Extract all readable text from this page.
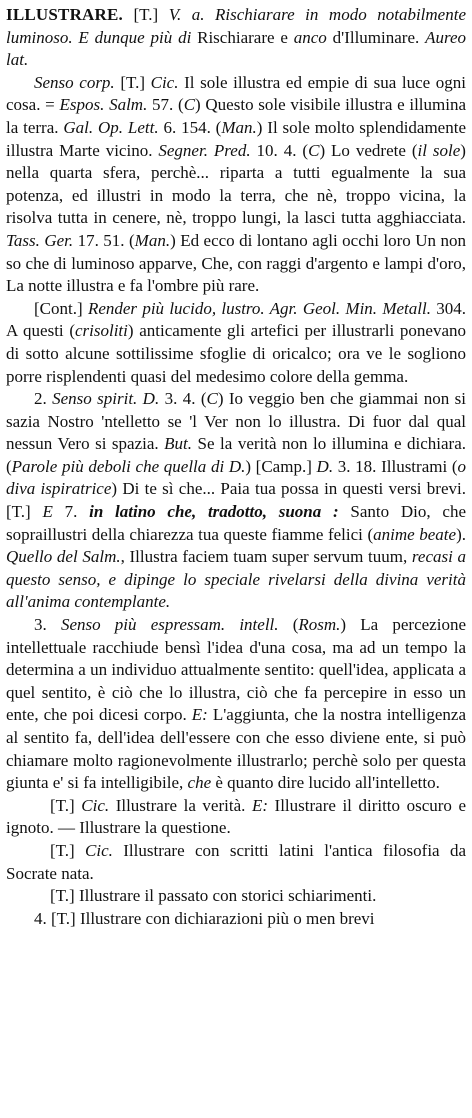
ILLUSTRARE. [T.] V. a. Rischiarare in modo notabilmente luminoso. E dunque più di Rischiarare e anco d'Illuminare. Aureo lat.

Senso corp. [T.] Cic. Il sole illustra ed empie di sua luce ogni cosa. = Espos. Salm. 57. (C) Questo sole visibile illustra e illumina la terra. Gal. Op. Lett. 6. 154. (Man.) Il sole molto splendidamente illustra Marte vicino. Segner. Pred. 10. 4. (C) Lo vedrete (il sole) nella quarta sfera, perchè... riparta a tutti egualmente la sua potenza, ed illustri in modo la terra, che nè, troppo vicina, la risolva tutta in cenere, nè, troppo lungi, la lasci tutta agghiacciata. Tass. Ger. 17. 51. (Man.) Ed ecco di lontano agli occhi loro Un non so che di luminoso apparve, Che, con raggi d'argento e lampi d'oro, La notte illustra e fa l'ombre più rare.

[Cont.] Render più lucido, lustro. Agr. Geol. Min. Metall. 304. A questi (crisoliti) anticamente gli artefici per illustrarli ponevano di sotto alcune sottilissime sfoglie di oricalco; ora ve le sogliono porre risplendenti quasi del medesimo colore della gemma.

2. Senso spirit. D. 3. 4. (C) Io veggio ben che giammai non si sazia Nostro 'ntelletto se 'l Ver non lo illustra. Di fuor dal qual nessun Vero si spazia. But. Se la verità non lo illumina e dichiara. (Parole più deboli che quella di D.) [Camp.] D. 3. 18. Illustrami (o diva ispiratrice) Di te sì che... Paia tua possa in questi versi brevi. [T.] E 7. in latino che, tradotto, suona : Santo Dio, che sopraillustri della chiarezza tua queste fiamme felici (anime beate). Quello del Salm., Illustra faciem tuam super servum tuum, recasi a questo senso, e dipinge lo speciale rivelarsi della divina verità all'anima contemplante.

3. Senso più espressam. intell. (Rosm.) La percezione intellettuale racchiude bensì l'idea d'una cosa, ma ad un tempo la determina a un individuo attualmente sentito: quell'idea, applicata a quel sentito, è ciò che lo illustra, ciò che fa percepire in esso un ente, che poi dicesi corpo. E: L'aggiunta, che la nostra intelligenza al sentito fa, dell'idea dell'essere con che esso diviene ente, si può chiamare molto ragionevolmente illustrarlo; perchè solo per questa giunta e' si fa intelligibile, che è quanto dire lucido all'intelletto.

[T.] Cic. Illustrare la verità. E: Illustrare il diritto oscuro e ignoto. — Illustrare la questione.

[T.] Cic. Illustrare con scritti latini l'antica filosofia da Socrate nata.

[T.] Illustrare il passato con storici schiarimenti.

4. [T.] Illustrare con dichiarazioni più o men brevi
